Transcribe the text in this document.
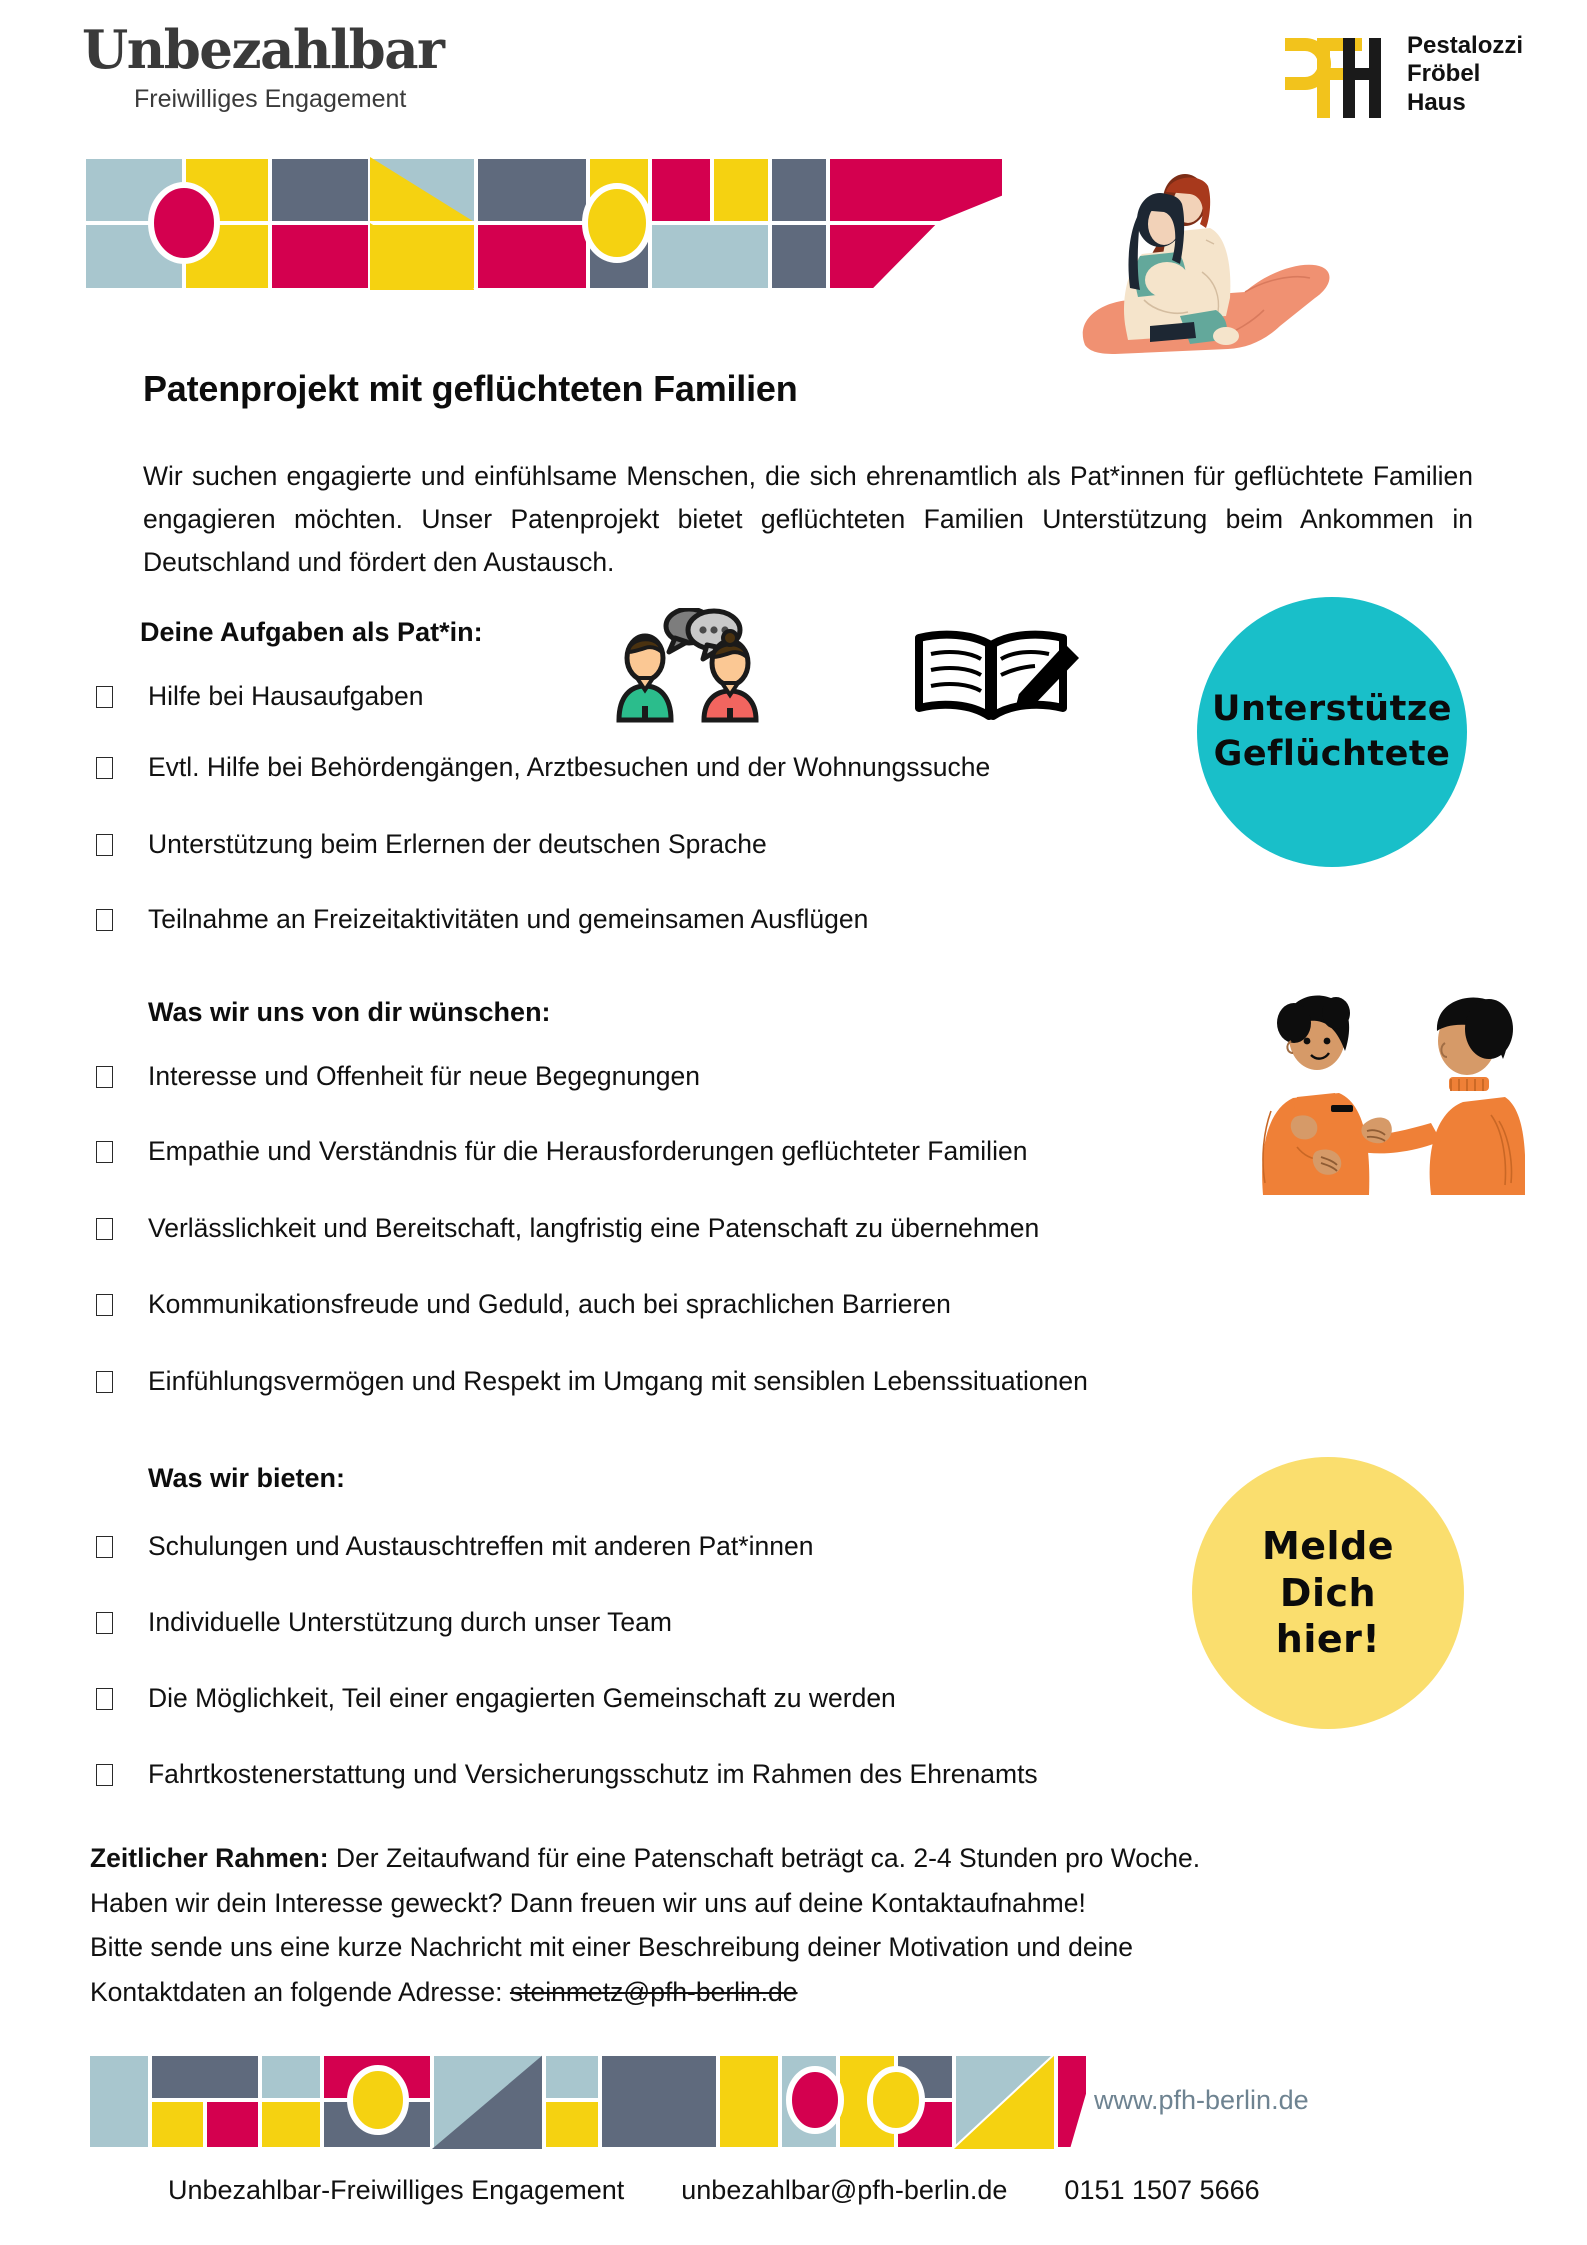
Unbezahlbar
Freiwilliges Engagement
Pestalozzi
Fröbel
Haus
Patenprojekt mit geflüchteten Familien
Wir suchen engagierte und einfühlsame Menschen, die sich ehrenamtlich als Pat*innen für geflüchtete Familien engagieren möchten. Unser Patenprojekt bietet geflüchteten Familien Unterstützung beim Ankommen in Deutschland und fördert den Austausch.
Deine Aufgaben als Pat*in:
Hilfe bei Hausaufgaben
Evtl. Hilfe bei Behördengängen, Arztbesuchen und der Wohnungssuche
Unterstützung beim Erlernen der deutschen Sprache
Teilnahme an Freizeitaktivitäten und gemeinsamen Ausflügen
Unterstütze
Geflüchtete
Was wir uns von dir wünschen:
Interesse und Offenheit für neue Begegnungen
Empathie und Verständnis für die Herausforderungen geflüchteter Familien
Verlässlichkeit und Bereitschaft, langfristig eine Patenschaft zu übernehmen
Kommunikationsfreude und Geduld, auch bei sprachlichen Barrieren
Einfühlungsvermögen und Respekt im Umgang mit sensiblen Lebenssituationen
Was wir bieten:
Schulungen und Austauschtreffen mit anderen Pat*innen
Individuelle Unterstützung durch unser Team
Die Möglichkeit, Teil einer engagierten Gemeinschaft zu werden
Fahrtkostenerstattung und Versicherungsschutz im Rahmen des Ehrenamts
Melde
Dich
hier!
Zeitlicher Rahmen: Der Zeitaufwand für eine Patenschaft beträgt ca. 2-4 Stunden pro Woche.
Haben wir dein Interesse geweckt? Dann freuen wir uns auf deine Kontaktaufnahme!
Bitte sende uns eine kurze Nachricht mit einer Beschreibung deiner Motivation und deine
Kontaktdaten an folgende Adresse: steinmetz@pfh-berlin.de
www.pfh-berlin.de
Unbezahlbar-Freiwilliges Engagement unbezahlbar@pfh-berlin.de 0151 1507 5666
